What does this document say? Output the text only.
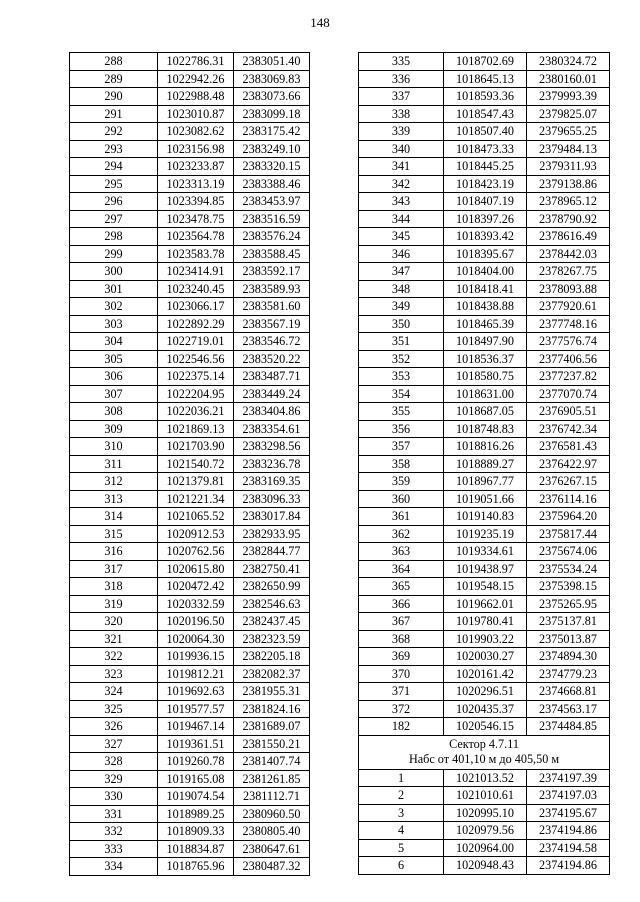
148
288	1022786.31	2383051.40
289	1022942.26	2383069.83
290	1022988.48	2383073.66
291	1023010.87	2383099.18
292	1023082.62	2383175.42
293	1023156.98	2383249.10
294	1023233.87	2383320.15
295	1023313.19	2383388.46
296	1023394.85	2383453.97
297	1023478.75	2383516.59
298	1023564.78	2383576.24
299	1023583.78	2383588.45
300	1023414.91	2383592.17
301	1023240.45	2383589.93
302	1023066.17	2383581.60
303	1022892.29	2383567.19
304	1022719.01	2383546.72
305	1022546.56	2383520.22
306	1022375.14	2383487.71
307	1022204.95	2383449.24
308	1022036.21	2383404.86
309	1021869.13	2383354.61
310	1021703.90	2383298.56
311	1021540.72	2383236.78
312	1021379.81	2383169.35
313	1021221.34	2383096.33
314	1021065.52	2383017.84
315	1020912.53	2382933.95
316	1020762.56	2382844.77
317	1020615.80	2382750.41
318	1020472.42	2382650.99
319	1020332.59	2382546.63
320	1020196.50	2382437.45
321	1020064.30	2382323.59
322	1019936.15	2382205.18
323	1019812.21	2382082.37
324	1019692.63	2381955.31
325	1019577.57	2381824.16
326	1019467.14	2381689.07
327	1019361.51	2381550.21
328	1019260.78	2381407.74
329	1019165.08	2381261.85
330	1019074.54	2381112.71
331	1018989.25	2380960.50
332	1018909.33	2380805.40
333	1018834.87	2380647.61
334	1018765.96	2380487.32
335	1018702.69	2380324.72
336	1018645.13	2380160.01
337	1018593.36	2379993.39
338	1018547.43	2379825.07
339	1018507.40	2379655.25
340	1018473.33	2379484.13
341	1018445.25	2379311.93
342	1018423.19	2379138.86
343	1018407.19	2378965.12
344	1018397.26	2378790.92
345	1018393.42	2378616.49
346	1018395.67	2378442.03
347	1018404.00	2378267.75
348	1018418.41	2378093.88
349	1018438.88	2377920.61
350	1018465.39	2377748.16
351	1018497.90	2377576.74
352	1018536.37	2377406.56
353	1018580.75	2377237.82
354	1018631.00	2377070.74
355	1018687.05	2376905.51
356	1018748.83	2376742.34
357	1018816.26	2376581.43
358	1018889.27	2376422.97
359	1018967.77	2376267.15
360	1019051.66	2376114.16
361	1019140.83	2375964.20
362	1019235.19	2375817.44
363	1019334.61	2375674.06
364	1019438.97	2375534.24
365	1019548.15	2375398.15
366	1019662.01	2375265.95
367	1019780.41	2375137.81
368	1019903.22	2375013.87
369	1020030.27	2374894.30
370	1020161.42	2374779.23
371	1020296.51	2374668.81
372	1020435.37	2374563.17
182	1020546.15	2374484.85

Сектор 4.7.11
Набс от 401,10 м до 405,50 м		

1	1021013.52	2374197.39
2	1021010.61	2374197.03
3	1020995.10	2374195.67
4	1020979.56	2374194.86
5	1020964.00	2374194.58
6	1020948.43	2374194.86
